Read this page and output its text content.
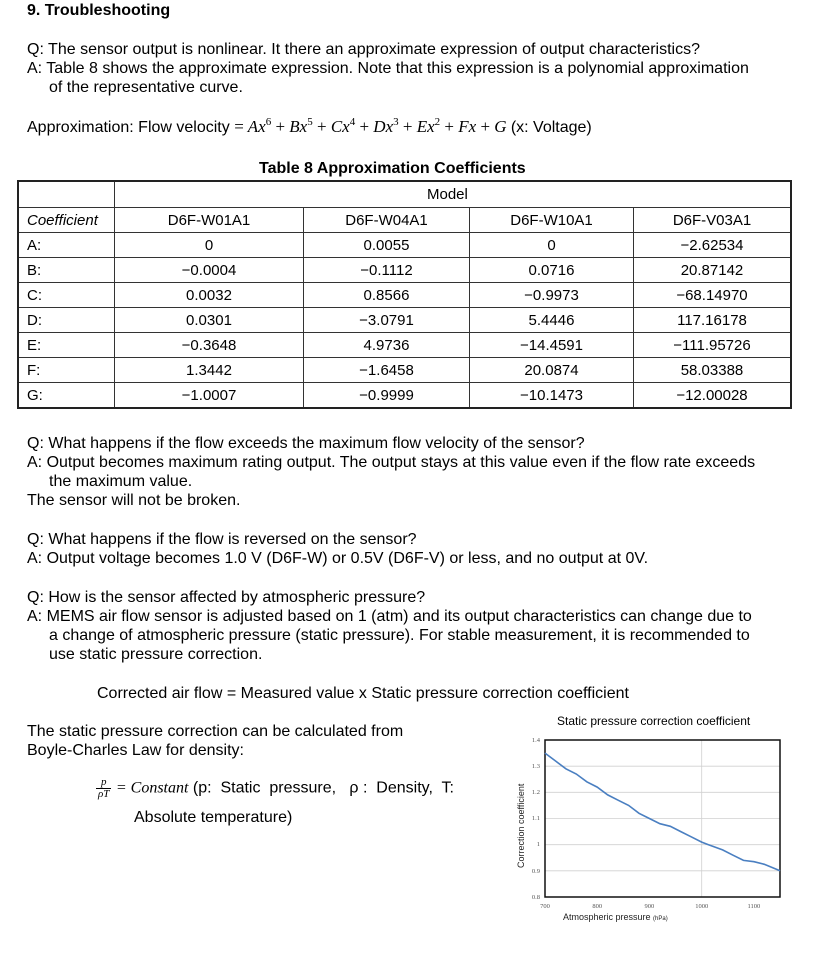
9. Troubleshooting
Q: The sensor output is nonlinear. It there an approximate expression of output characteristics?
A: Table 8 shows the approximate expression. Note that this expression is a polynomial approximation
of the representative curve.
Approximation: Flow velocity = $Ax^6 + Bx^5 + Cx^4 + Dx^3 + Ex^2 + Fx + G$ (x: Voltage)
Table 8 Approximation Coefficients
	Model			
Coefficient	D6F-W01A1	D6F-W04A1	D6F-W10A1	D6F-V03A1
A:	0	0.0055	0	−2.62534
B:	−0.0004	−0.1112	0.0716	20.87142
C:	0.0032	0.8566	−0.9973	−68.14970
D:	0.0301	−3.0791	5.4446	117.16178
E:	−0.3648	4.9736	−14.4591	−111.95726
F:	1.3442	−1.6458	20.0874	58.03388
G:	−1.0007	−0.9999	−10.1473	−12.00028
Q: What happens if the flow exceeds the maximum flow velocity of the sensor?
A: Output becomes maximum rating output. The output stays at this value even if the flow rate exceeds
the maximum value.
The sensor will not be broken.
Q: What happens if the flow is reversed on the sensor?
A: Output voltage becomes 1.0 V (D6F-W) or 0.5V (D6F-V) or less, and no output at 0V.
Q: How is the sensor affected by atmospheric pressure?
A: MEMS air flow sensor is adjusted based on 1 (atm) and its output characteristics can change due to
a change of atmospheric pressure (static pressure). For stable measurement, it is recommended to
use static pressure correction.
Corrected air flow = Measured value x Static pressure correction coefficient
The static pressure correction can be calculated from
Boyle-Charles Law for density:
$\frac{p}{\rho T}$ = Constant (p:  Static  pressure,   ρ :  Density,  T:
Absolute temperature)
Static pressure correction coefficient
1.4
1.3
1.2
1.1
1
0.9
0.8
700	800	900	1000	1100
Correction coefficient
Atmospheric pressure (hPa)
